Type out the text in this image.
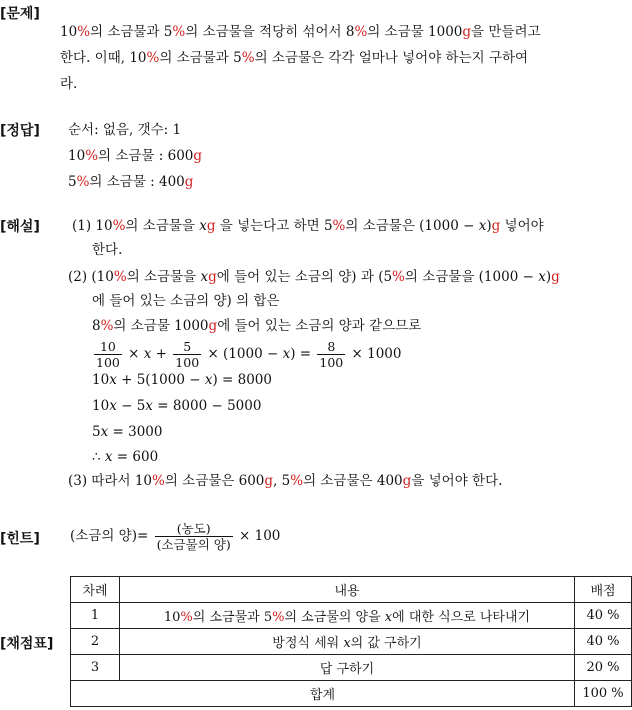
[문제]
10%의 소금물과 5%의 소금물을 적당히 섞어서 8%의 소금물 1000g을 만들려고
한다. 이때, 10%의 소금물과 5%의 소금물은 각각 얼마나 넣어야 하는지 구하여
라.
[정답] 순서: 없음, 갯수: 1
10%의 소금물 : 600g
5%의 소금물 : 400g
[해설] (1) 10%의 소금물을 xg 을 넣는다고 하면 5%의 소금물은 (1000 − x)g 넣어야
한다.
(2) (10%의 소금물을 xg에 들어 있는 소금의 양) 과 (5%의 소금물을 (1000 − x)g
에 들어 있는 소금의 양) 의 합은
8%의 소금물 1000g에 들어 있는 소금의 양과 같으므로
$\frac{10}{100} \times x + \frac{5}{100} \times (1000 - x) = \frac{8}{100} \times 1000$
10x + 5(1000 − x) = 8000
10x − 5x = 8000 − 5000
5x = 3000
∴ x = 600
(3) 따라서 10%의 소금물은 600g, 5%의 소금물은 400g을 넣어야 한다.
[힌트] (소금의 양)= $\frac{\text{(농도)}}{\text{(소금물의 양)}} \times 100$
[채점표]
차례	내용	배점
1	10%의 소금물과 5%의 소금물의 양을 x에 대한 식으로 나타내기	40 %
2	방정식 세워 x의 값 구하기	40 %
3	답 구하기	20 %
합계		100 %
